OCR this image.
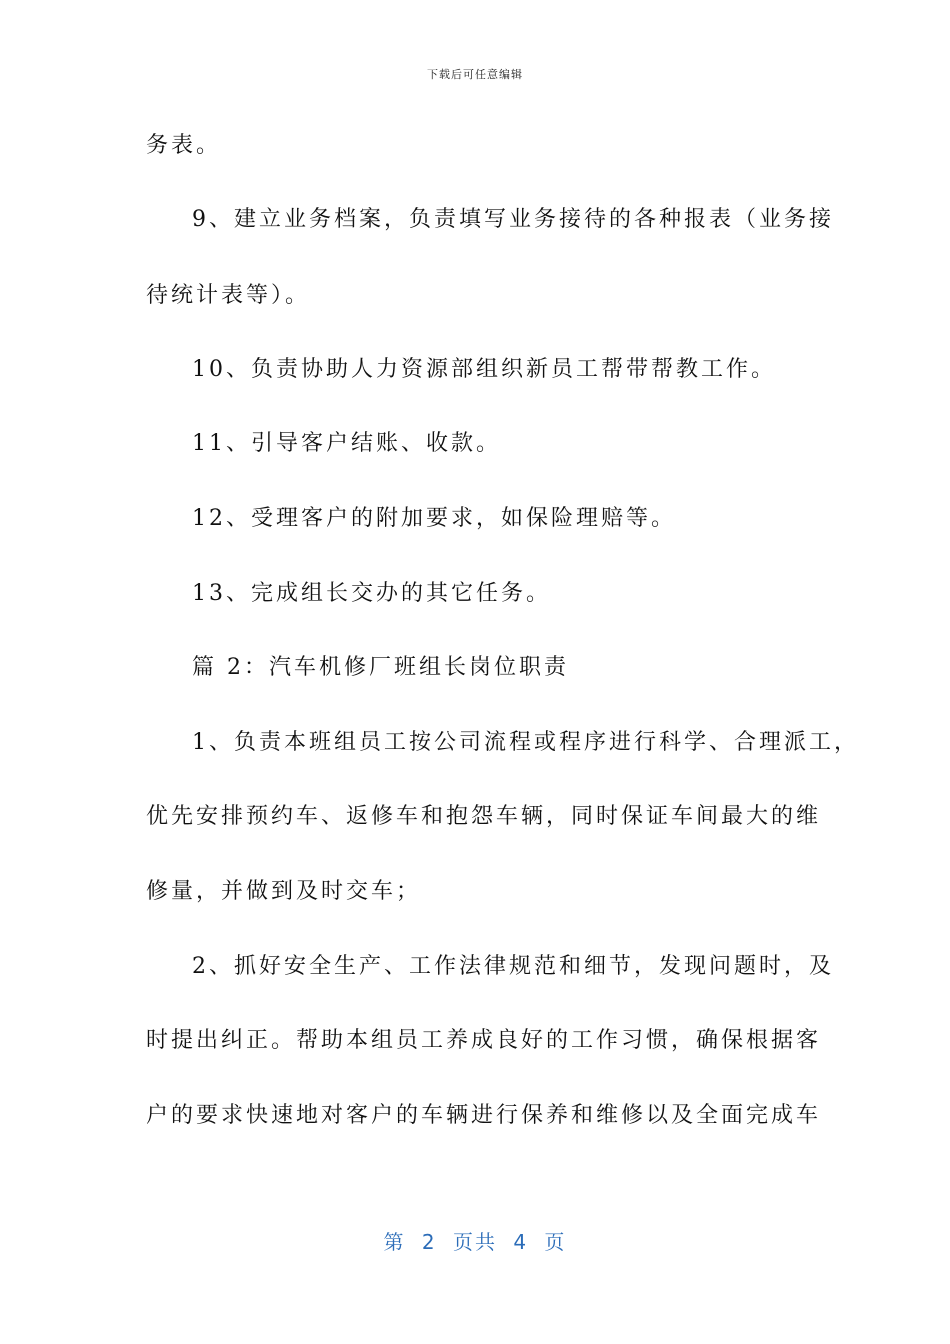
下载后可任意编辑
务表。
9、建立业务档案，负责填写业务接待的各种报表（业务接
待统计表等）。
10、负责协助人力资源部组织新员工帮带帮教工作。
11、引导客户结账、收款。
12、受理客户的附加要求，如保险理赔等。
13、完成组长交办的其它任务。
篇 2：汽车机修厂班组长岗位职责
1、负责本班组员工按公司流程或程序进行科学、合理派工，
优先安排预约车、返修车和抱怨车辆，同时保证车间最大的维
修量，并做到及时交车；
2、抓好安全生产、工作法律规范和细节，发现问题时，及
时提出纠正。帮助本组员工养成良好的工作习惯，确保根据客
户的要求快速地对客户的车辆进行保养和维修以及全面完成车
第 2 页共 4 页
